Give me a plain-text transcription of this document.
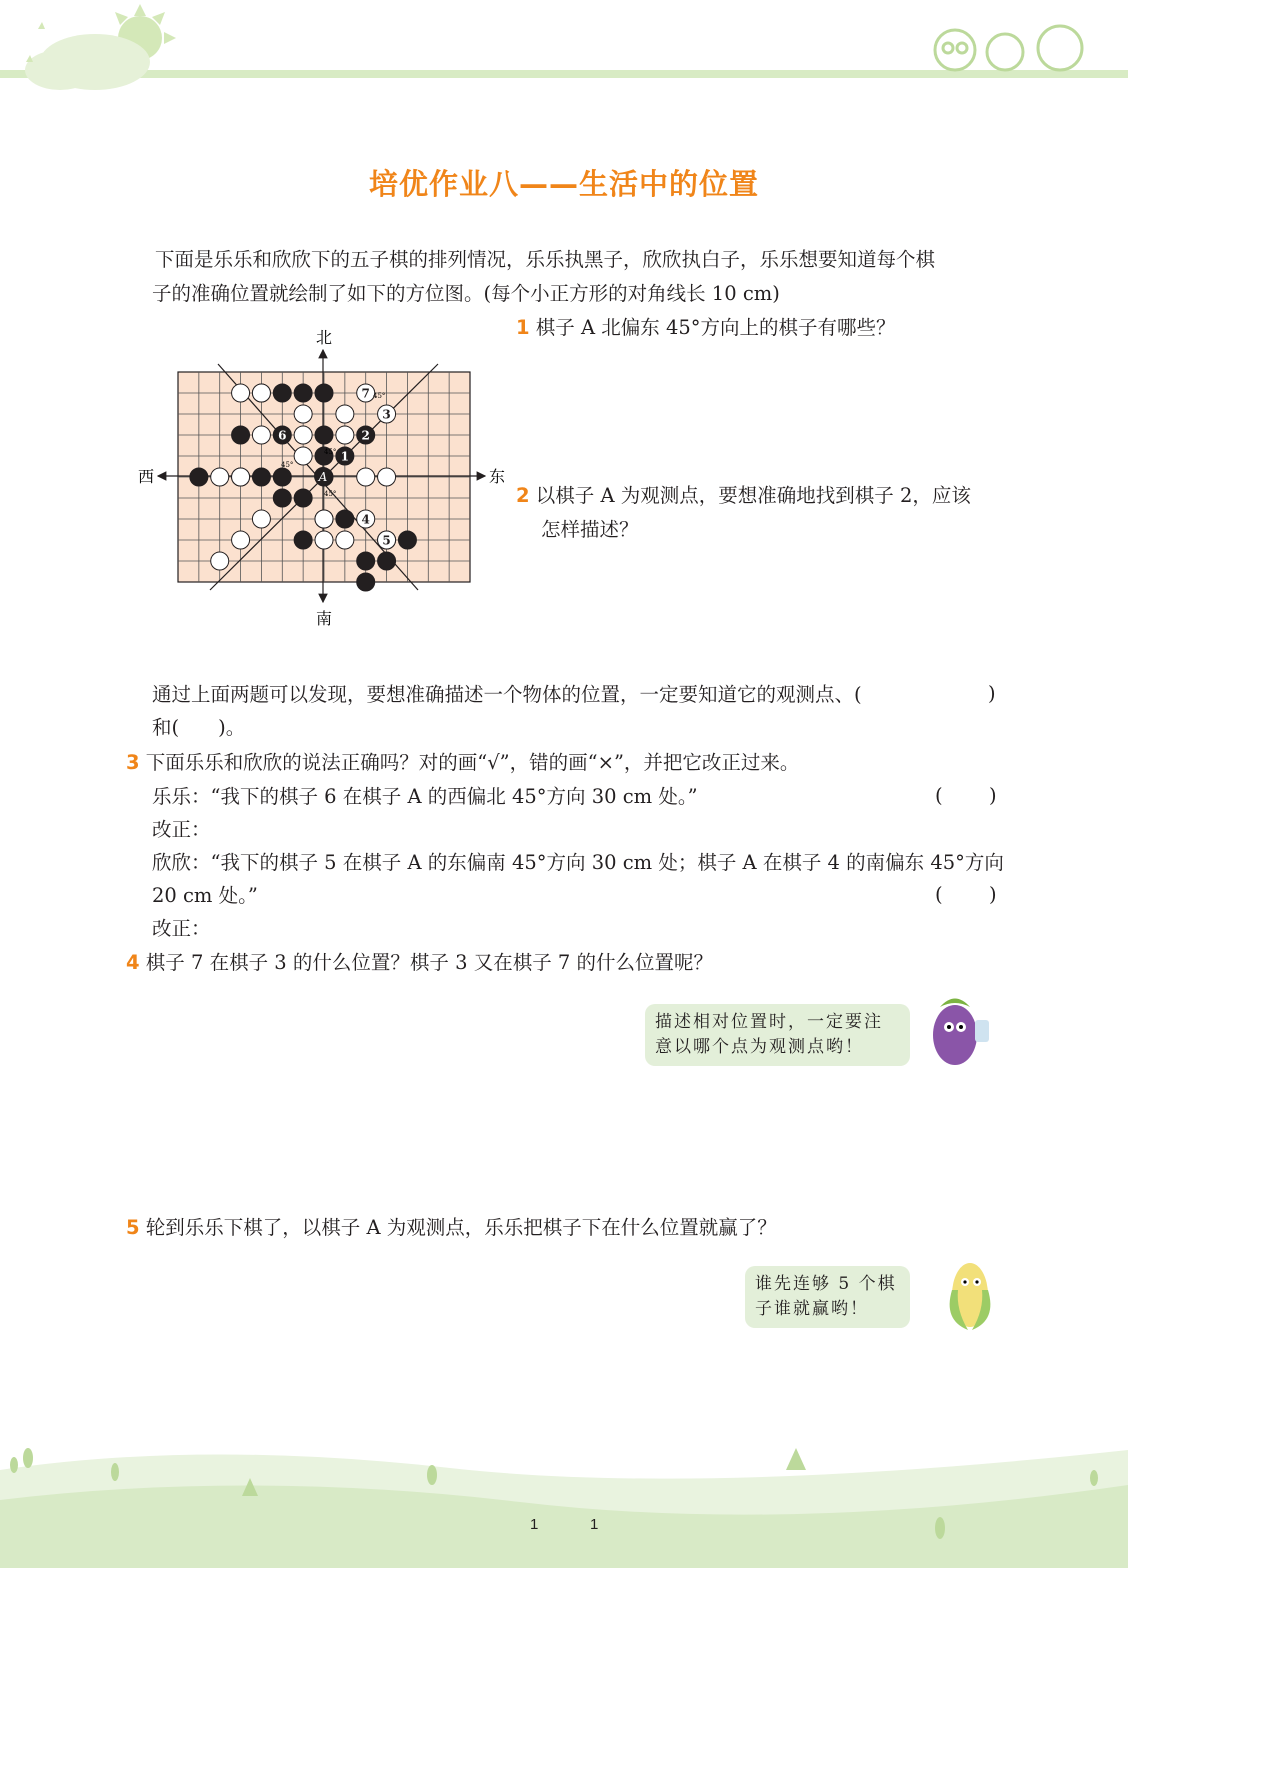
培优作业八——生活中的位置
下面是乐乐和欣欣下的五子棋的排列情况，乐乐执黑子，欣欣执白子，乐乐想要知道每个棋
子的准确位置就绘制了如下的方位图。(每个小正方形的对角线长 10 cm)
北
南
西	东
7
3
6	2
1
4
5
A
45°
45°
45°
45°
1 棋子 A 北偏东 45°方向上的棋子有哪些？
2 以棋子 A 为观测点，要想准确地找到棋子 2，应该
怎样描述？
通过上面两题可以发现，要想准确描述一个物体的位置，一定要知道它的观测点、(	)
和(　　)。
3 下面乐乐和欣欣的说法正确吗？对的画“√”，错的画“×”，并把它改正过来。
乐乐：“我下的棋子 6 在棋子 A 的西偏北 45°方向 30 cm 处。”	( )
改正：
欣欣：“我下的棋子 5 在棋子 A 的东偏南 45°方向 30 cm 处；棋子 A 在棋子 4 的南偏东 45°方向
20 cm 处。”	( )
改正：
4 棋子 7 在棋子 3 的什么位置？棋子 3 又在棋子 7 的什么位置呢？
描述相对位置时，一定要注
意以哪个点为观测点哟！
5 轮到乐乐下棋了，以棋子 A 为观测点，乐乐把棋子下在什么位置就赢了？
谁先连够 5 个棋
子谁就赢哟！
1	1
